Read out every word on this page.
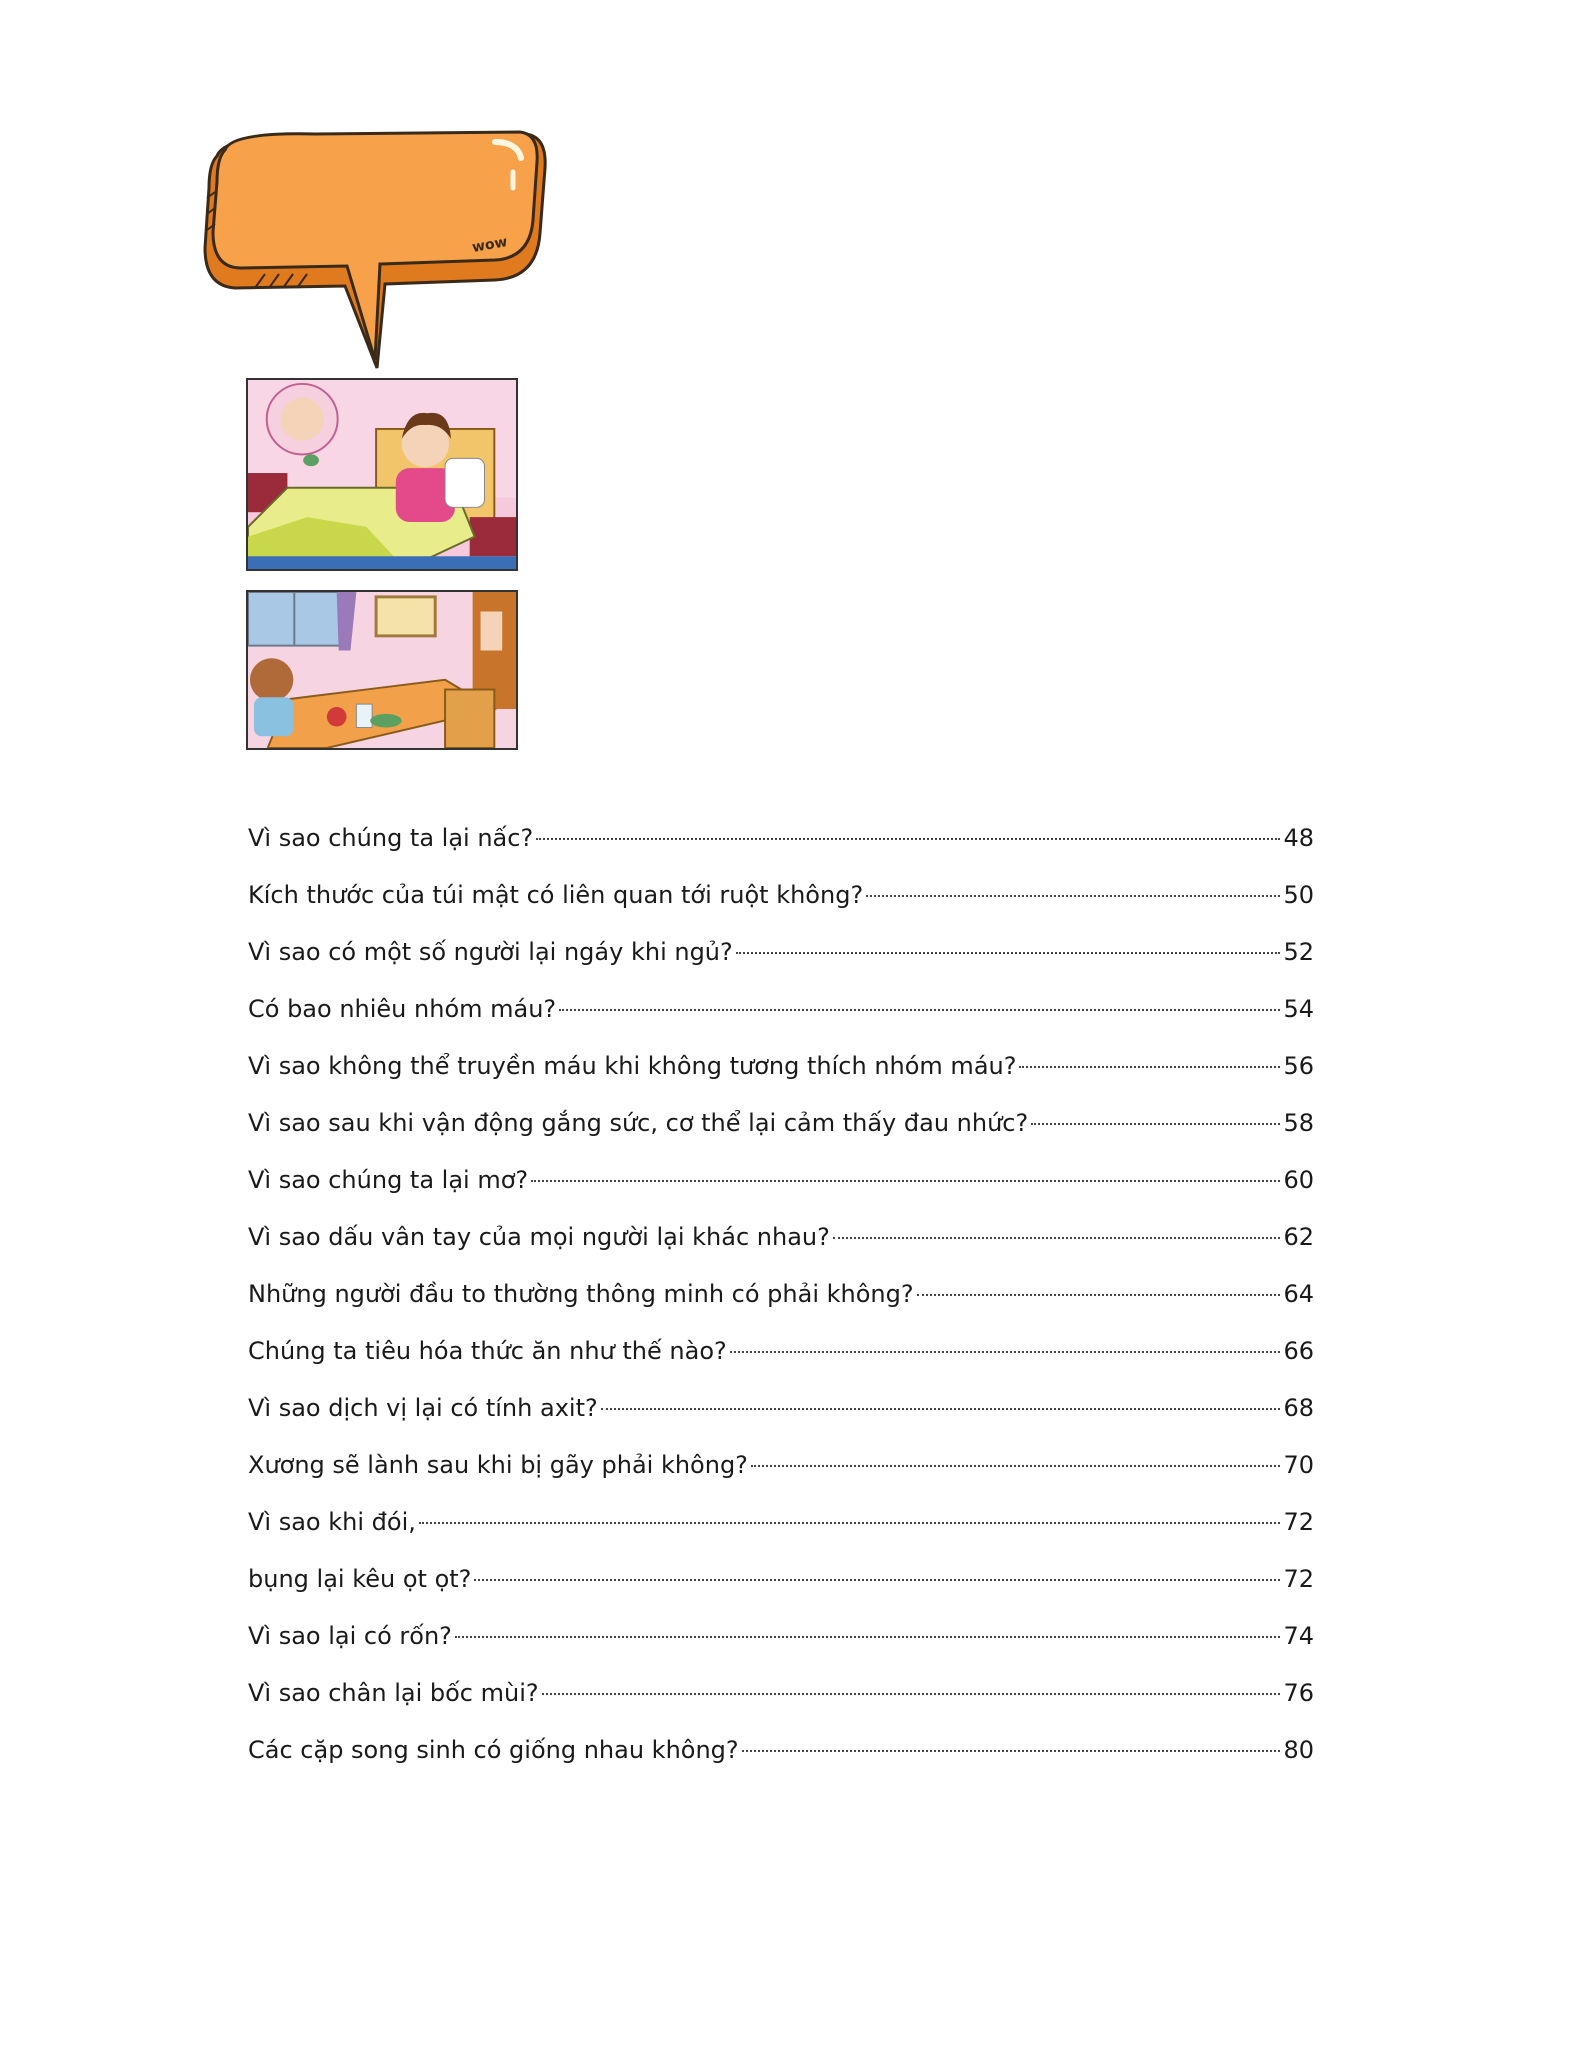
wow
Vì sao chúng ta lại nấc?	48
Kích thước của túi mật có liên quan tới ruột không?	50
Vì sao có một số người lại ngáy khi ngủ?	52
Có bao nhiêu nhóm máu?	54
Vì sao không thể truyền máu khi không tương thích nhóm máu?	56
Vì sao sau khi vận động gắng sức, cơ thể lại cảm thấy đau nhức?	58
Vì sao chúng ta lại mơ?	60
Vì sao dấu vân tay của mọi người lại khác nhau?	62
Những người đầu to thường thông minh có phải không?	64
Chúng ta tiêu hóa thức ăn như thế nào?	66
Vì sao dịch vị lại có tính axit?	68
Xương sẽ lành sau khi bị gãy phải không?	70
Vì sao khi đói,	72
bụng lại kêu ọt ọt?	72
Vì sao lại có rốn?	74
Vì sao chân lại bốc mùi?	76
Các cặp song sinh có giống nhau không?	80
